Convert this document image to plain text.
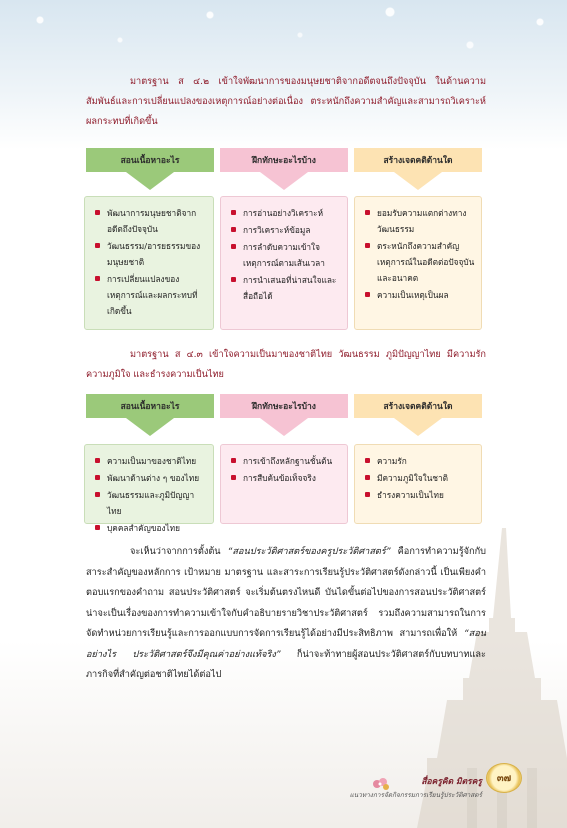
มาตรฐาน ส ๔.๒ เข้าใจพัฒนาการของมนุษยชาติจากอดีตจนถึงปัจจุบัน ในด้านความสัมพันธ์และการเปลี่ยนแปลงของเหตุการณ์อย่างต่อเนื่อง ตระหนักถึงความสำคัญและสามารถวิเคราะห์ผลกระทบที่เกิดขึ้น
สอนเนื้อหาอะไร	ฝึกทักษะอะไรบ้าง	สร้างเจตคติด้านใด
พัฒนาการมนุษยชาติจากอดีตถึงปัจจุบัน
วัฒนธรรม/อารยธรรมของมนุษยชาติ
การเปลี่ยนแปลงของเหตุการณ์และผลกระทบที่เกิดขึ้น
การอ่านอย่างวิเคราะห์
การวิเคราะห์ข้อมูล
การลำดับความเข้าใจเหตุการณ์ตามเส้นเวลา
การนำเสนอที่น่าสนใจและสื่อถือได้
ยอมรับความแตกต่างทางวัฒนธรรม
ตระหนักถึงความสำคัญเหตุการณ์ในอดีตต่อปัจจุบันและอนาคต
ความเป็นเหตุเป็นผล
มาตรฐาน ส ๔.๓ เข้าใจความเป็นมาของชาติไทย วัฒนธรรม ภูมิปัญญาไทย มีความรัก ความภูมิใจ และธำรงความเป็นไทย
สอนเนื้อหาอะไร	ฝึกทักษะอะไรบ้าง	สร้างเจตคติด้านใด
ความเป็นมาของชาติไทย
พัฒนาด้านต่าง ๆ ของไทย
วัฒนธรรมและภูมิปัญญาไทย
บุคคลสำคัญของไทย
การเข้าถึงหลักฐานชั้นต้น
การสืบค้นข้อเท็จจริง
ความรัก
มีความภูมิใจในชาติ
ธำรงความเป็นไทย
จะเห็นว่าจากการตั้งต้น “สอนประวัติศาสตร์ของครูประวัติศาสตร์” คือการทำความรู้จักกับสาระสำคัญของหลักการ เป้าหมาย มาตรฐาน และสาระการเรียนรู้ประวัติศาสตร์ดังกล่าวนี้ เป็นเพียงคำตอบแรกของคำถาม สอนประวัติศาสตร์ จะเริ่มต้นตรงไหนดี บันไดขั้นต่อไปของการสอนประวัติศาสตร์ น่าจะเป็นเรื่องของการทำความเข้าใจกับคำอธิบายรายวิชาประวัติศาสตร์ รวมถึงความสามารถในการจัดทำหน่วยการเรียนรู้และการออกแบบการจัดการเรียนรู้ได้อย่างมีประสิทธิภาพ สามารถเพื่อให้ “สอนอย่างไร ประวัติศาสตร์จึงมีคุณค่าอย่างแท้จริง” ก็น่าจะท้าทายผู้สอนประวัติศาสตร์กับบทบาทและภารกิจที่สำคัญต่อชาติไทยได้ต่อไป
สื่อครูคิด มิตรครู
แนวทางการจัดกิจกรรมการเรียนรู้ประวัติศาสตร์
๓๗
